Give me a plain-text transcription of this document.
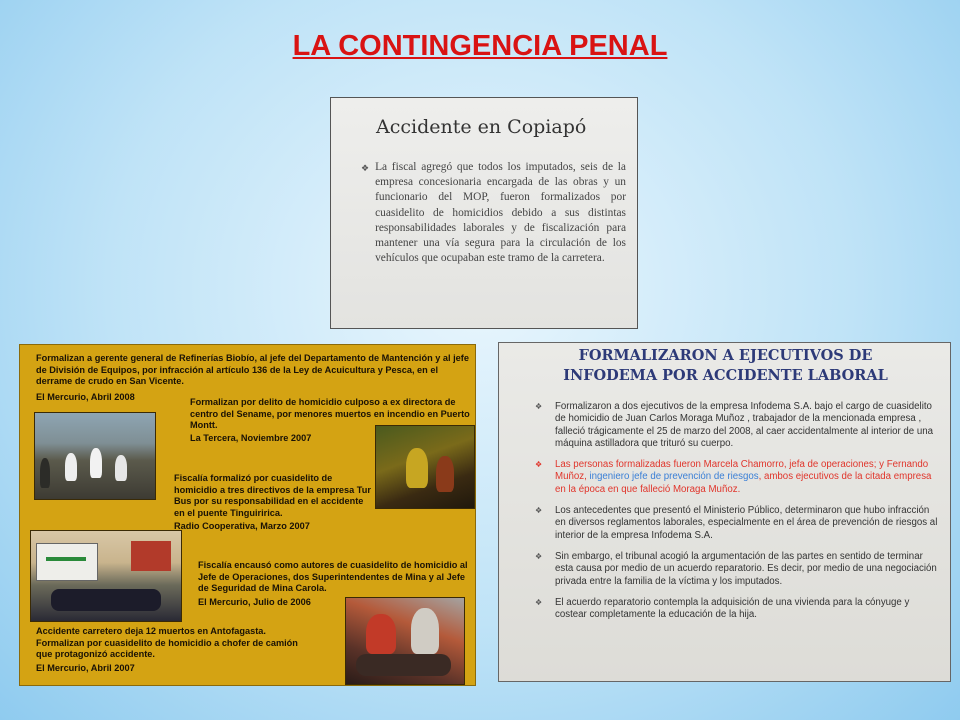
LA CONTINGENCIA PENAL
Accidente en Copiapó
❖ La fiscal agregó que todos los imputados, seis de la empresa concesionaria encargada de las obras y un funcionario del MOP, fueron formalizados por cuasidelito de homicidios debido a sus distintas responsabilidades laborales y de fiscalización para mantener una vía segura para la circulación de los vehículos que ocupaban este tramo de la carretera.
Formalizan a gerente general de Refinerías Biobío, al jefe del Departamento de Mantención y al jefe de División de Equipos, por infracción al artículo 136 de la Ley de Acuicultura y Pesca, en el derrame de crudo en San Vicente.
El Mercurio, Abril 2008	Formalizan por delito de homicidio culposo a ex directora de centro del Sename, por menores muertos en incendio en Puerto Montt.
La Tercera, Noviembre 2007
Fiscalía formalizó por cuasidelito de homicidio a tres directivos de la empresa Tur Bus por su responsabilidad en el accidente en el puente Tinguiririca.
Radio Cooperativa, Marzo 2007
Fiscalía encausó como autores de cuasidelito de homicidio al Jefe de Operaciones, dos Superintendentes de Mina y al Jefe de Seguridad de Mina Carola.
El Mercurio, Julio de 2006
Accidente carretero deja 12 muertos en Antofagasta. Formalizan por cuasidelito de homicidio a chofer de camión que protagonizó accidente.
El Mercurio, Abril 2007
FORMALIZARON A EJECUTIVOS DE
INFODEMA POR ACCIDENTE LABORAL
❖	Formalizaron a dos ejecutivos de la empresa Infodema S.A. bajo el cargo de cuasidelito de homicidio de Juan Carlos Moraga Muñoz , trabajador de la mencionada empresa , falleció trágicamente el 25 de marzo del 2008, al caer accidentalmente al interior de una máquina astilladora que trituró su cuerpo.
❖	Las personas formalizadas fueron Marcela Chamorro, jefa de operaciones; y Fernando Muñoz, ingeniero jefe de prevención de riesgos, ambos ejecutivos de la citada empresa en la época en que falleció Moraga Muñoz.
❖	Los antecedentes que presentó el Ministerio Público, determinaron que hubo infracción en diversos reglamentos laborales, especialmente en el área de prevención de riesgos al interior de la empresa Infodema S.A.
❖	Sin embargo, el tribunal acogió la argumentación de las partes en sentido de terminar esta causa por medio de un acuerdo reparatorio. Es decir, por medio de una negociación privada entre la familia de la víctima y los imputados.
❖	El acuerdo reparatorio contempla la adquisición de una vivienda para la cónyuge y costear completamente la educación de la hija.
